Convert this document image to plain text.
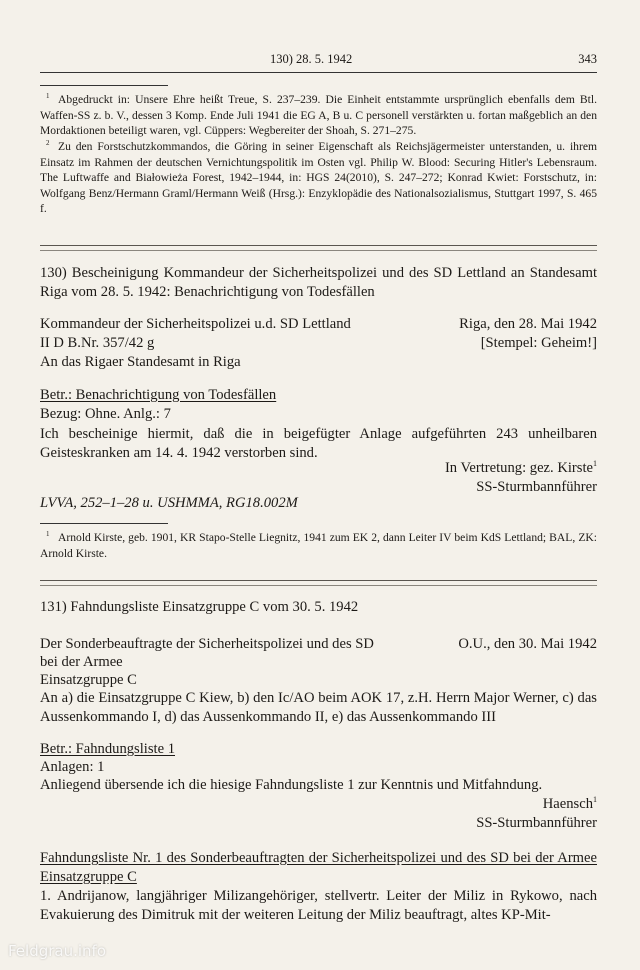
130) 28. 5. 1942	343
$^1$ Abgedruckt in: Unsere Ehre heißt Treue, S. 237–239. Die Einheit entstammte ursprünglich ebenfalls dem Btl. Waffen-SS z. b. V., dessen 3 Komp. Ende Juli 1941 die EG A, B u. C personell verstärkten u. fortan maßgeblich an den Mordaktionen beteiligt waren, vgl. Cüppers: Wegbereiter der Shoah, S. 271–275.
$^2$ Zu den Forstschutzkommandos, die Göring in seiner Eigenschaft als Reichsjägermeister unterstanden, u. ihrem Einsatz im Rahmen der deutschen Vernichtungspolitik im Osten vgl. Philip W. Blood: Securing Hitler's Lebensraum. The Luftwaffe and Białowieża Forest, 1942–1944, in: HGS 24(2010), S. 247–272; Konrad Kwiet: Forstschutz, in: Wolfgang Benz/Hermann Graml/Hermann Weiß (Hrsg.): Enzyklopädie des Nationalsozialismus, Stuttgart 1997, S. 465 f.
130) Bescheinigung Kommandeur der Sicherheitspolizei und des SD Lettland an Standesamt Riga vom 28. 5. 1942: Benachrichtigung von Todesfällen
Kommandeur der Sicherheitspolizei u.d. SD Lettland	Riga, den 28. Mai 1942
II D B.Nr. 357/42 g	[Stempel: Geheim!]
An das Rigaer Standesamt in Riga
Betr.: Benachrichtigung von Todesfällen
Bezug: Ohne. Anlg.: 7
Ich bescheinige hiermit, daß die in beigefügter Anlage aufgeführten 243 unheilbaren Geisteskranken am 14. 4. 1942 verstorben sind.
In Vertretung: gez. Kirste$^1$
SS-Sturmbannführer
LVVA, 252–1–28 u. USHMMA, RG18.002M
$^1$ Arnold Kirste, geb. 1901, KR Stapo-Stelle Liegnitz, 1941 zum EK 2, dann Leiter IV beim KdS Lettland; BAL, ZK: Arnold Kirste.
131) Fahndungsliste Einsatzgruppe C vom 30. 5. 1942
Der Sonderbeauftragte der Sicherheitspolizei und des SD	O.U., den 30. Mai 1942
bei der Armee
Einsatzgruppe C
An a) die Einsatzgruppe C Kiew, b) den Ic/AO beim AOK 17, z.H. Herrn Major Werner, c) das Aussenkommando I, d) das Aussenkommando II, e) das Aussenkommando III
Betr.: Fahndungsliste 1
Anlagen: 1
Anliegend übersende ich die hiesige Fahndungsliste 1 zur Kenntnis und Mitfahndung.
Haensch$^1$
SS-Sturmbannführer
Fahndungsliste Nr. 1 des Sonderbeauftragten der Sicherheitspolizei und des SD bei der Armee Einsatzgruppe C
1. Andrijanow, langjähriger Milizangehöriger, stellvertr. Leiter der Miliz in Rykowo, nach Evakuierung des Dimitruk mit der weiteren Leitung der Miliz beauftragt, altes KP-Mit-
Feldgrau.info
